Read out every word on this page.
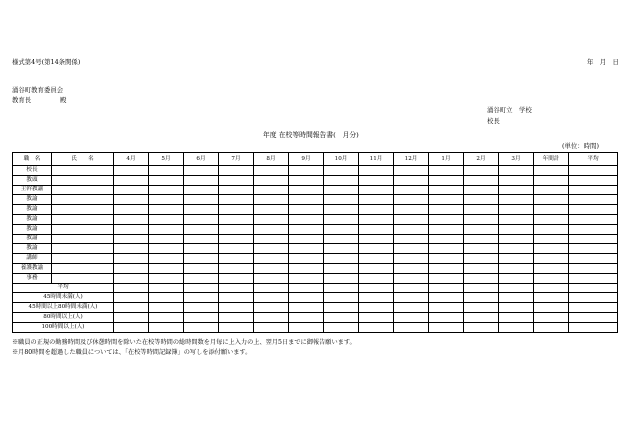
様式第4号(第14条関係)	年　月　日
涌谷町教育委員会
教育長	殿
涌谷町立　学校
校長
年度 在校等時間報告書(　月分)
(単位：時間)
職　名	氏　　名	4月	5月	6月	7月	8月	9月	10月	11月	12月	1月	2月	3月	年間計	平均
校長															
教頭															
主幹教諭															
教諭															
教諭															
教諭															
教諭															
教諭															
教諭															
講師															
養護教諭															
事務															
平均															
45時間未満(人)															
45時間以上80時間未満(人)															
80時間以上(人)															
100時間以上(人)															
※職員の正規の勤務時間及び休憩時間を除いた在校等時間の総時間数を月毎に上入力の上、翌月5日までに御報告願います。
※月80時間を超過した職員については、「在校等時間記録簿」の写しを添付願います。
